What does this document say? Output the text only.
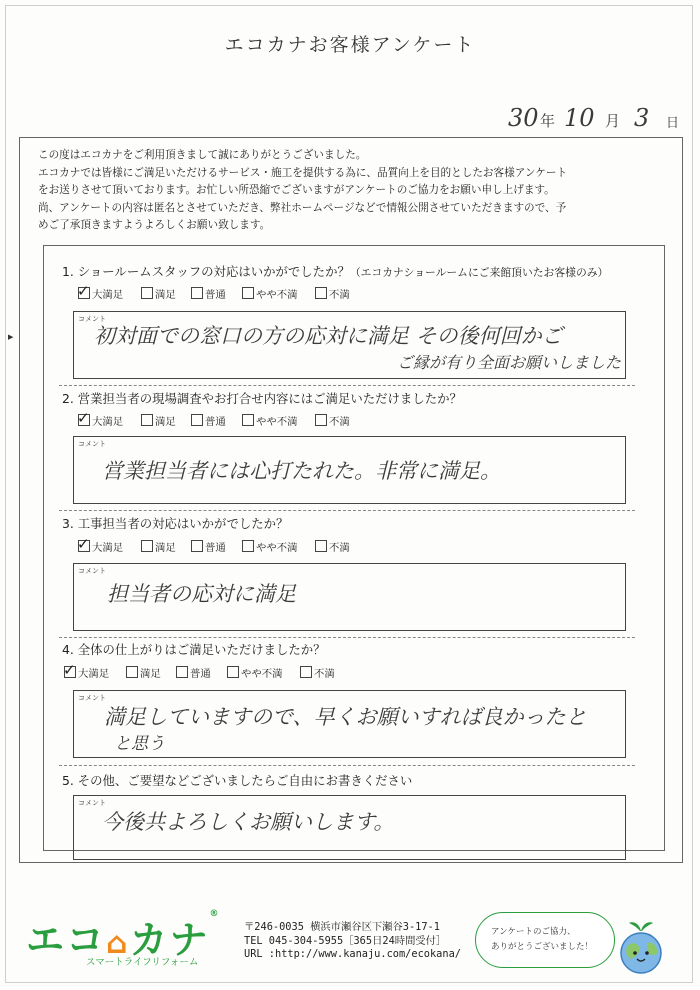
エコカナお客様アンケート
30 年 10 月 3 日
この度はエコカナをご利用頂きまして誠にありがとうございました。
エコカナでは皆様にご満足いただけるサービス・施工を提供する為に、品質向上を目的としたお客様アンケート
をお送りさせて頂いております。お忙しい所恐縮でございますがアンケートのご協力をお願い申し上げます。
尚、アンケートの内容は匿名とさせていただき、弊社ホームページなどで情報公開させていただきますので、予
めご了承頂きますようよろしくお願い致します。
▶
1. ショールームスタッフの対応はいかがでしたか？（エコカナショールームにご来館頂いたお客様のみ）
✓ 大満足	満足	普通	やや不満	不満
コメント
初対面での窓口の方の応対に満足 その後何回かご
ご縁が有り全面お願いしました
2. 営業担当者の現場調査やお打合せ内容にはご満足いただけましたか？
✓ 大満足	満足	普通	やや不満	不満
コメント
営業担当者には心打たれた。非常に満足。
3. 工事担当者の対応はいかがでしたか？
✓ 大満足	満足	普通	やや不満	不満
コメント
担当者の応対に満足
4. 全体の仕上がりはご満足いただけましたか？
✓ 大満足	満足	普通	やや不満	不満
コメント
満足していますので、早くお願いすれば良かったと
と思う
5. その他、ご要望などございましたらご自由にお書きください
コメント
今後共よろしくお願いします。
エコ⌂カナ®
スマートライフリフォーム
〒246-0035 横浜市瀬谷区下瀬谷3-17-1
TEL 045-304-5955［365日24時間受付］
URL :http://www.kanaju.com/ecokana/
アンケートのご協力、
ありがとうございました！
